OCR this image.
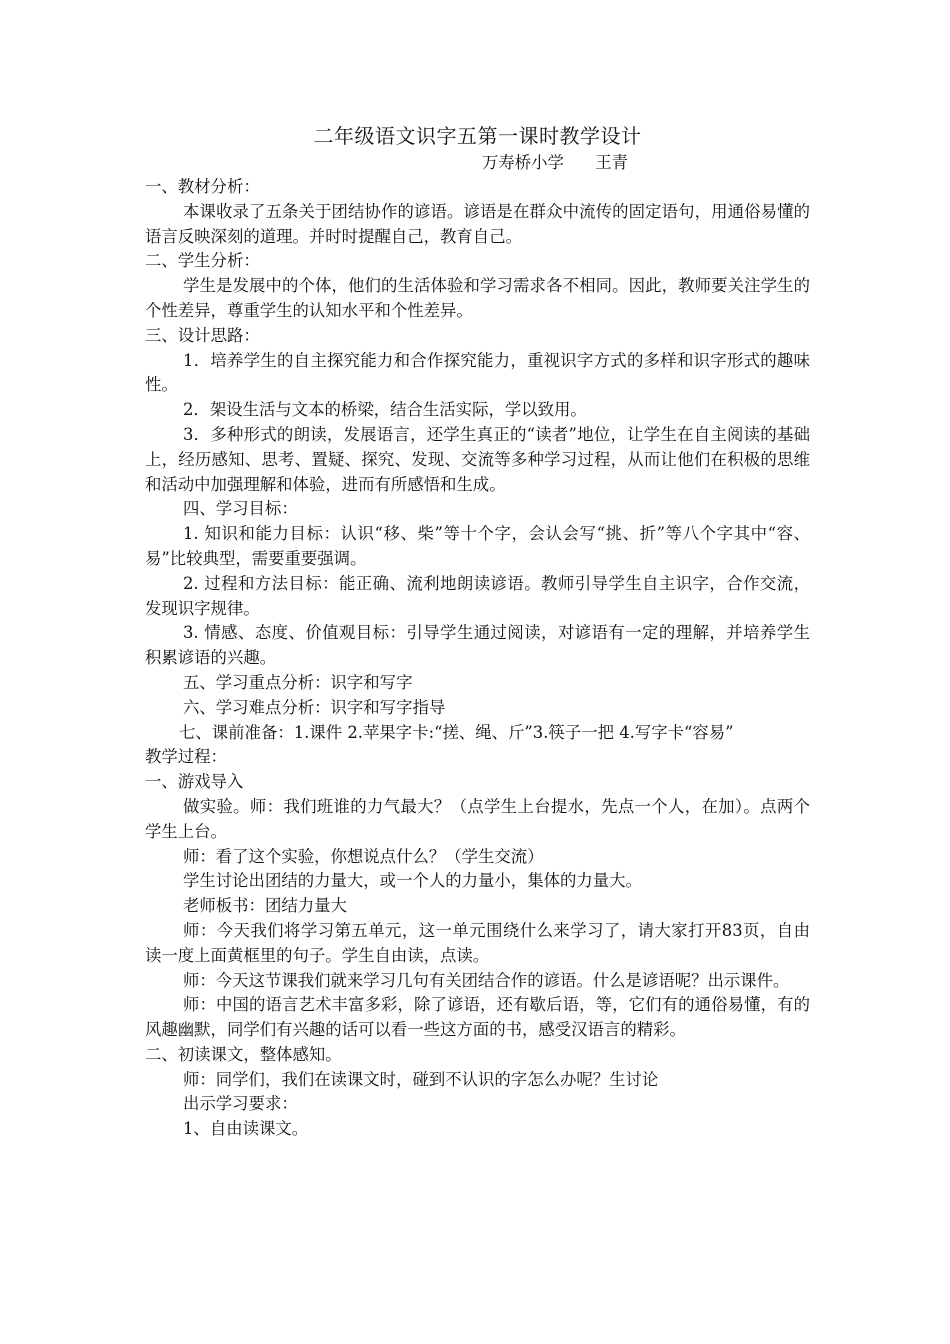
二年级语文识字五第一课时教学设计

万寿桥小学      王青

一、教材分析：

本课收录了五条关于团结协作的谚语。谚语是在群众中流传的固定语句，用通俗易懂的语言反映深刻的道理。并时时提醒自己，教育自己。

二、学生分析：

学生是发展中的个体，他们的生活体验和学习需求各不相同。因此，教师要关注学生的个性差异，尊重学生的认知水平和个性差异。

三、设计思路：

1．培养学生的自主探究能力和合作探究能力，重视识字方式的多样和识字形式的趣味性。

2．架设生活与文本的桥梁，结合生活实际，学以致用。

3．多种形式的朗读，发展语言，还学生真正的“读者”地位，让学生在自主阅读的基础上，经历感知、思考、置疑、探究、发现、交流等多种学习过程，从而让他们在积极的思维和活动中加强理解和体验，进而有所感悟和生成。

四、学习目标：

1. 知识和能力目标：认识“移、柴”等十个字，会认会写“挑、折”等八个字其中“容、易”比较典型，需要重要强调。

2. 过程和方法目标：能正确、流利地朗读谚语。教师引导学生自主识字，合作交流，发现识字规律。

3. 情感、态度、价值观目标：引导学生通过阅读，对谚语有一定的理解，并培养学生积累谚语的兴趣。

五、学习重点分析：识字和写字

六、学习难点分析：识字和写字指导

七、课前准备：1.课件 2.苹果字卡:“搓、绳、斤”3.筷子一把 4.写字卡“容易”

教学过程：

一、游戏导入

做实验。师：我们班谁的力气最大？（点学生上台提水，先点一个人，在加）。点两个学生上台。

师：看了这个实验，你想说点什么？（学生交流）

学生讨论出团结的力量大，或一个人的力量小，集体的力量大。

老师板书：团结力量大

师：今天我们将学习第五单元，这一单元围绕什么来学习了，请大家打开83页，自由读一度上面黄框里的句子。学生自由读，点读。

师：今天这节课我们就来学习几句有关团结合作的谚语。什么是谚语呢？出示课件。

师：中国的语言艺术丰富多彩，除了谚语，还有歇后语，等，它们有的通俗易懂，有的风趣幽默，同学们有兴趣的话可以看一些这方面的书，感受汉语言的精彩。

二、初读课文，整体感知。

师：同学们，我们在读课文时，碰到不认识的字怎么办呢？生讨论

出示学习要求：

1、自由读课文。
